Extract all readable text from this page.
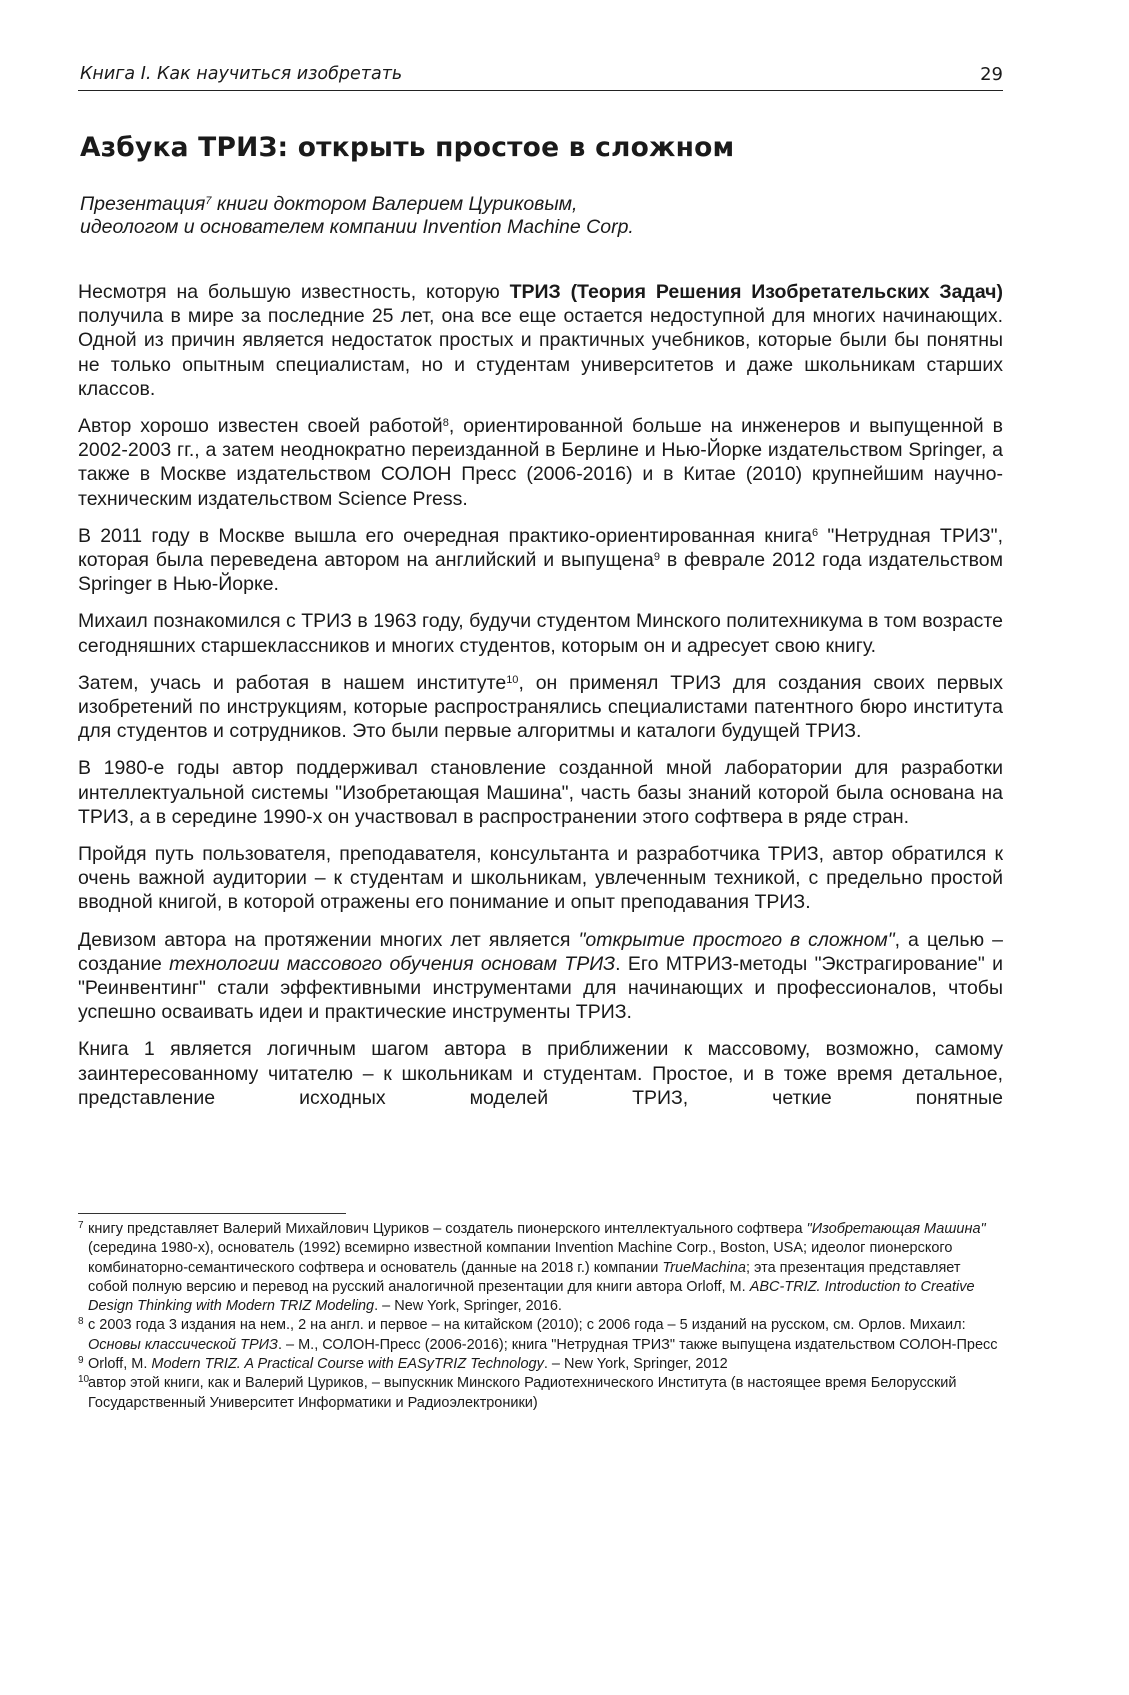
Книга I. Как научиться изобретать	29
Азбука ТРИЗ: открыть простое в сложном
Презентация$^7$ книги доктором Валерием Цуриковым,
идеологом и основателем компании Invention Machine Corp.

Несмотря на большую известность, которую ТРИЗ (Теория Решения Изобретательских Задач) получила в мире за последние 25 лет, она все еще остается недоступной для многих начинающих. Одной из причин является недостаток простых и практичных учебников, которые были бы понятны не только опытным специалистам, но и студентам университетов и даже школьникам старших классов.

Автор хорошо известен своей работой$^8$, ориентированной больше на инженеров и выпущенной в 2002-2003 гг., а затем неоднократно переизданной в Берлине и Нью-Йорке издательством Springer, а также в Москве издательством СОЛОН Пресс (2006-2016) и в Китае (2010) крупнейшим научно-техническим издательством Science Press.

В 2011 году в Москве вышла его очередная практико-ориентированная книга$^6$ "Нетрудная ТРИЗ", которая была переведена автором на английский и выпущена$^9$ в феврале 2012 года издательством Springer в Нью-Йорке.

Михаил познакомился с ТРИЗ в 1963 году, будучи студентом Минского политехникума в том возрасте сегодняшних старшеклассников и многих студентов, которым он и адресует свою книгу.

Затем, учась и работая в нашем институте$^{10}$, он применял ТРИЗ для создания своих первых изобретений по инструкциям, которые распространялись специалистами патентного бюро института для студентов и сотрудников. Это были первые алгоритмы и каталоги будущей ТРИЗ.

В 1980-е годы автор поддерживал становление созданной мной лаборатории для разработки интеллектуальной системы "Изобретающая Машина", часть базы знаний которой была основана на ТРИЗ, а в середине 1990-х он участвовал в распространении этого софтвера в ряде стран.

Пройдя путь пользователя, преподавателя, консультанта и разработчика ТРИЗ, автор обратился к очень важной аудитории – к студентам и школьникам, увлеченным техникой, с предельно простой вводной книгой, в которой отражены его понимание и опыт преподавания ТРИЗ.

Девизом автора на протяжении многих лет является "открытие простого в сложном", а целью – создание технологии массового обучения основам ТРИЗ. Его МТРИЗ-методы "Экстрагирование" и "Реинвентинг" стали эффективными инструментами для начинающих и профессионалов, чтобы успешно осваивать идеи и практические инструменты ТРИЗ.

Книга 1 является логичным шагом автора в приближении к массовому, возможно, самому заинтересованному читателю – к школьникам и студентам. Простое, и в тоже время детальное, представление исходных моделей ТРИЗ, четкие понятные

7 книгу представляет Валерий Михайлович Цуриков – создатель пионерского интеллектуального софтвера "Изобретающая Машина" (середина 1980-х), основатель (1992) всемирно известной компании Invention Machine Corp., Boston, USA; идеолог пионерского комбинаторно-семантического софтвера и основатель (данные на 2018 г.) компании TrueMachina; эта презентация представляет собой полную версию и перевод на русский аналогичной презентации для книги автора Orloff, M. ABC-TRIZ. Introduction to Creative Design Thinking with Modern TRIZ Modeling. – New York, Springer, 2016.

8 с 2003 года 3 издания на нем., 2 на англ. и первое – на китайском (2010); с 2006 года – 5 изданий на русском, см. Орлов. Михаил: Основы классической ТРИЗ. – М., СОЛОН-Пресс (2006-2016); книга "Нетрудная ТРИЗ" также выпущена издательством СОЛОН-Пресс

9 Orloff, M. Modern TRIZ. A Practical Course with EASyTRIZ Technology. – New York, Springer, 2012

10
автор этой книги, как и Валерий Цуриков, – выпускник Минского Радиотехнического Института (в настоящее время Белорусский Государственный Университет Информатики и Радиоэлектроники)
